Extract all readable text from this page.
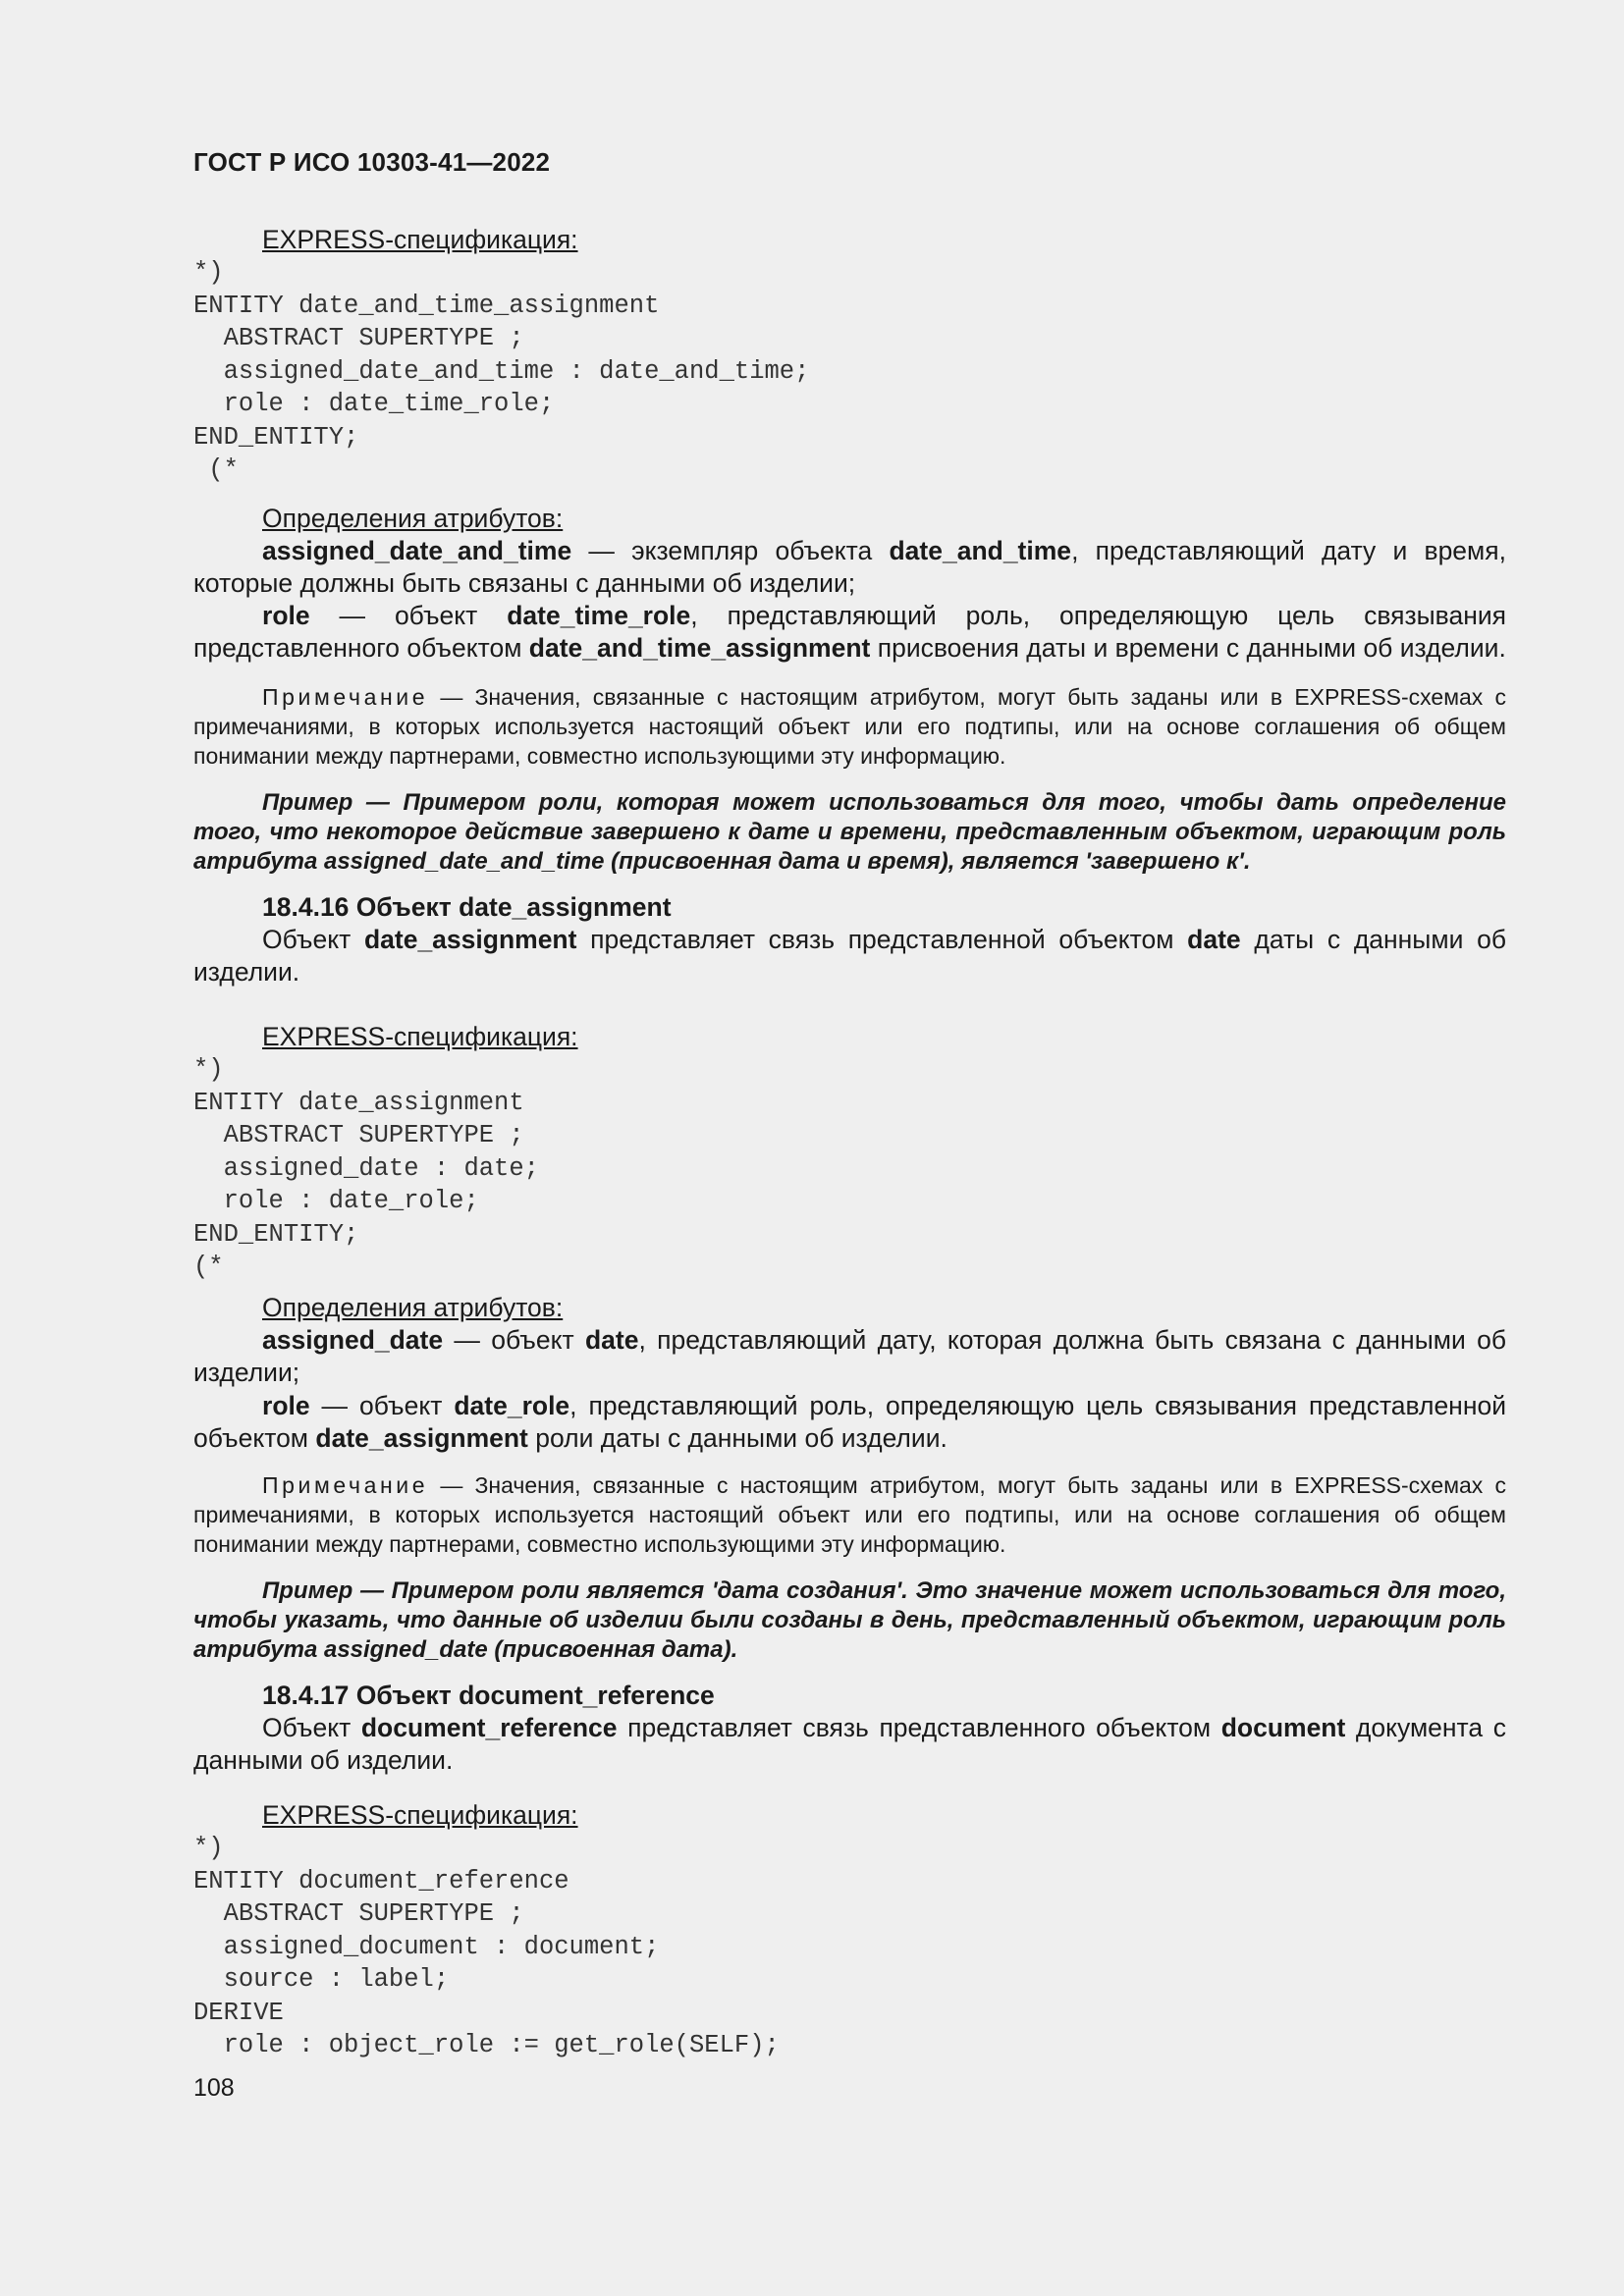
ГОСТ Р ИСО 10303-41—2022

EXPRESS-спецификация:

*)
ENTITY date_and_time_assignment
ABSTRACT SUPERTYPE ;
assigned_date_and_time : date_and_time;
role : date_time_role;
END_ENTITY;
(*

Определения атрибутов:

assigned_date_and_time — экземпляр объекта date_and_time, представляющий дату и время, которые должны быть связаны с данными об изделии;

role — объект date_time_role, представляющий роль, определяющую цель связывания представленного объектом date_and_time_assignment присвоения даты и времени с данными об изделии.

Примечание — Значения, связанные с настоящим атрибутом, могут быть заданы или в EXPRESS-схемах с примечаниями, в которых используется настоящий объект или его подтипы, или на основе соглашения об общем понимании между партнерами, совместно использующими эту информацию.

Пример — Примером роли, которая может использоваться для того, чтобы дать определение того, что некоторое действие завершено к дате и времени, представленным объектом, играющим роль атрибута assigned_date_and_time (присвоенная дата и время), является 'завершено к'.

18.4.16 Объект date_assignment

Объект date_assignment представляет связь представленной объектом date даты с данными об изделии.

EXPRESS-спецификация:

*)
ENTITY date_assignment
ABSTRACT SUPERTYPE ;
assigned_date : date;
role : date_role;
END_ENTITY;
(*

Определения атрибутов:

assigned_date — объект date, представляющий дату, которая должна быть связана с данными об изделии;

role — объект date_role, представляющий роль, определяющую цель связывания представленной объектом date_assignment роли даты с данными об изделии.

Примечание — Значения, связанные с настоящим атрибутом, могут быть заданы или в EXPRESS-схемах с примечаниями, в которых используется настоящий объект или его подтипы, или на основе соглашения об общем понимании между партнерами, совместно использующими эту информацию.

Пример — Примером роли является 'дата создания'. Это значение может использоваться для того, чтобы указать, что данные об изделии были созданы в день, представленный объектом, играющим роль атрибута assigned_date (присвоенная дата).

18.4.17 Объект document_reference

Объект document_reference представляет связь представленного объектом document документа с данными об изделии.

EXPRESS-спецификация:

*)
ENTITY document_reference
ABSTRACT SUPERTYPE ;
assigned_document : document;
source : label;
DERIVE
role : object_role := get_role(SELF);
108
